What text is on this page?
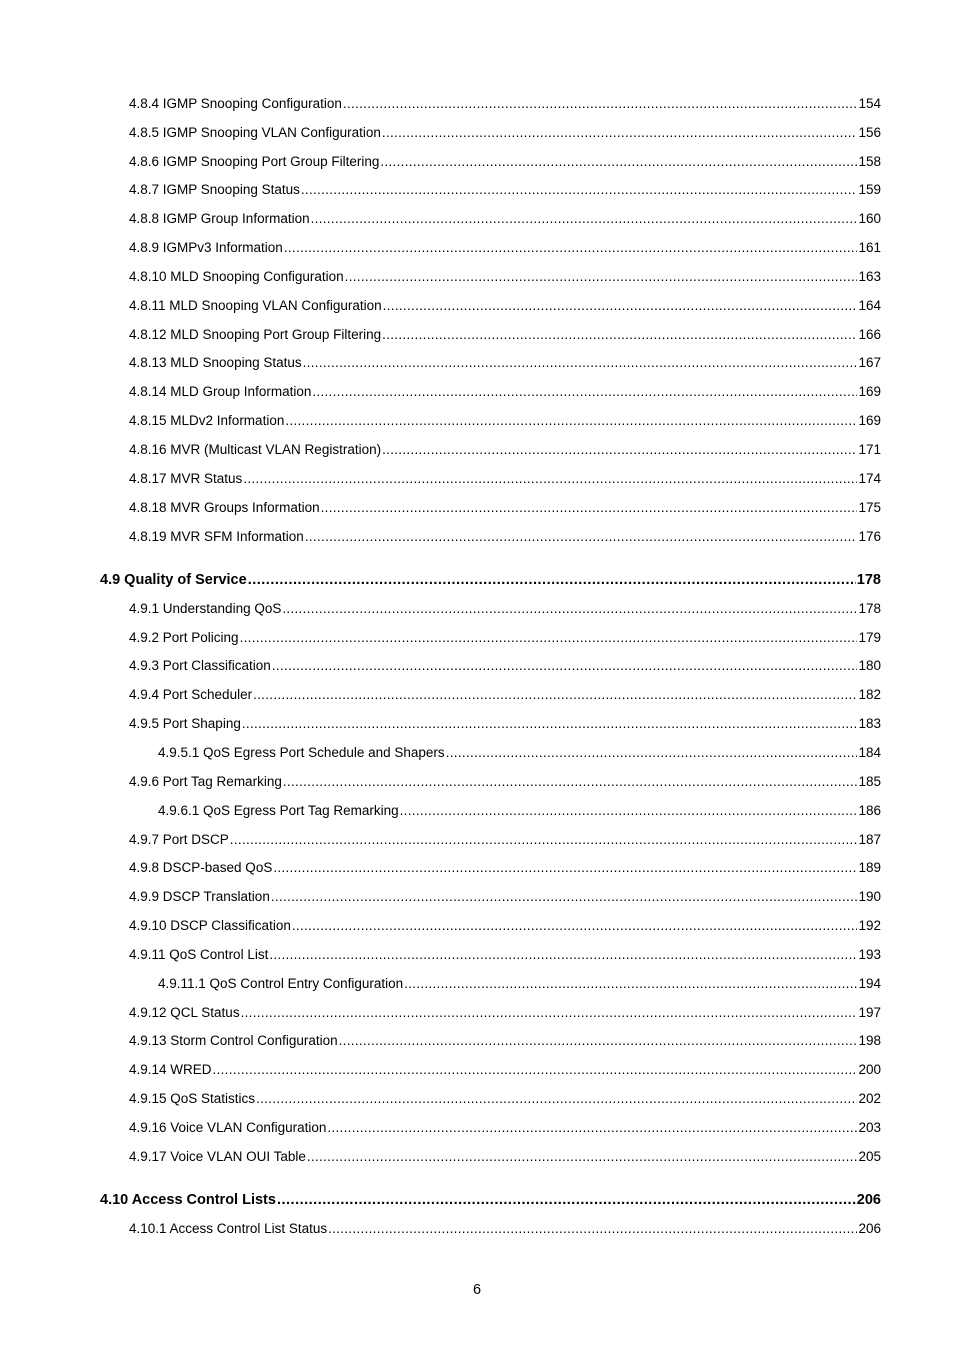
4.8.4 IGMP Snooping Configuration .....	154
4.8.5 IGMP Snooping VLAN Configuration .....	156
4.8.6 IGMP Snooping Port Group Filtering .....	158
4.8.7 IGMP Snooping Status .....	159
4.8.8 IGMP Group Information .....	160
4.8.9 IGMPv3 Information .....	161
4.8.10 MLD Snooping Configuration .....	163
4.8.11 MLD Snooping VLAN Configuration .....	164
4.8.12 MLD Snooping Port Group Filtering .....	166
4.8.13 MLD Snooping Status .....	167
4.8.14 MLD Group Information .....	169
4.8.15 MLDv2 Information .....	169
4.8.16 MVR (Multicast VLAN Registration) .....	171
4.8.17 MVR Status .....	174
4.8.18 MVR Groups Information .....	175
4.8.19 MVR SFM Information .....	176
4.9 Quality of Service .....	178
4.9.1 Understanding QoS .....	178
4.9.2 Port Policing .....	179
4.9.3 Port Classification .....	180
4.9.4 Port Scheduler .....	182
4.9.5 Port Shaping .....	183
4.9.5.1 QoS Egress Port Schedule and Shapers .....	184
4.9.6 Port Tag Remarking .....	185
4.9.6.1 QoS Egress Port Tag Remarking .....	186
4.9.7 Port DSCP .....	187
4.9.8 DSCP-based QoS .....	189
4.9.9 DSCP Translation .....	190
4.9.10 DSCP Classification .....	192
4.9.11 QoS Control List .....	193
4.9.11.1 QoS Control Entry Configuration .....	194
4.9.12 QCL Status .....	197
4.9.13 Storm Control Configuration .....	198
4.9.14 WRED .....	200
4.9.15 QoS Statistics .....	202
4.9.16 Voice VLAN Configuration .....	203
4.9.17 Voice VLAN OUI Table .....	205
4.10 Access Control Lists .....	206
4.10.1 Access Control List Status .....	206
6
